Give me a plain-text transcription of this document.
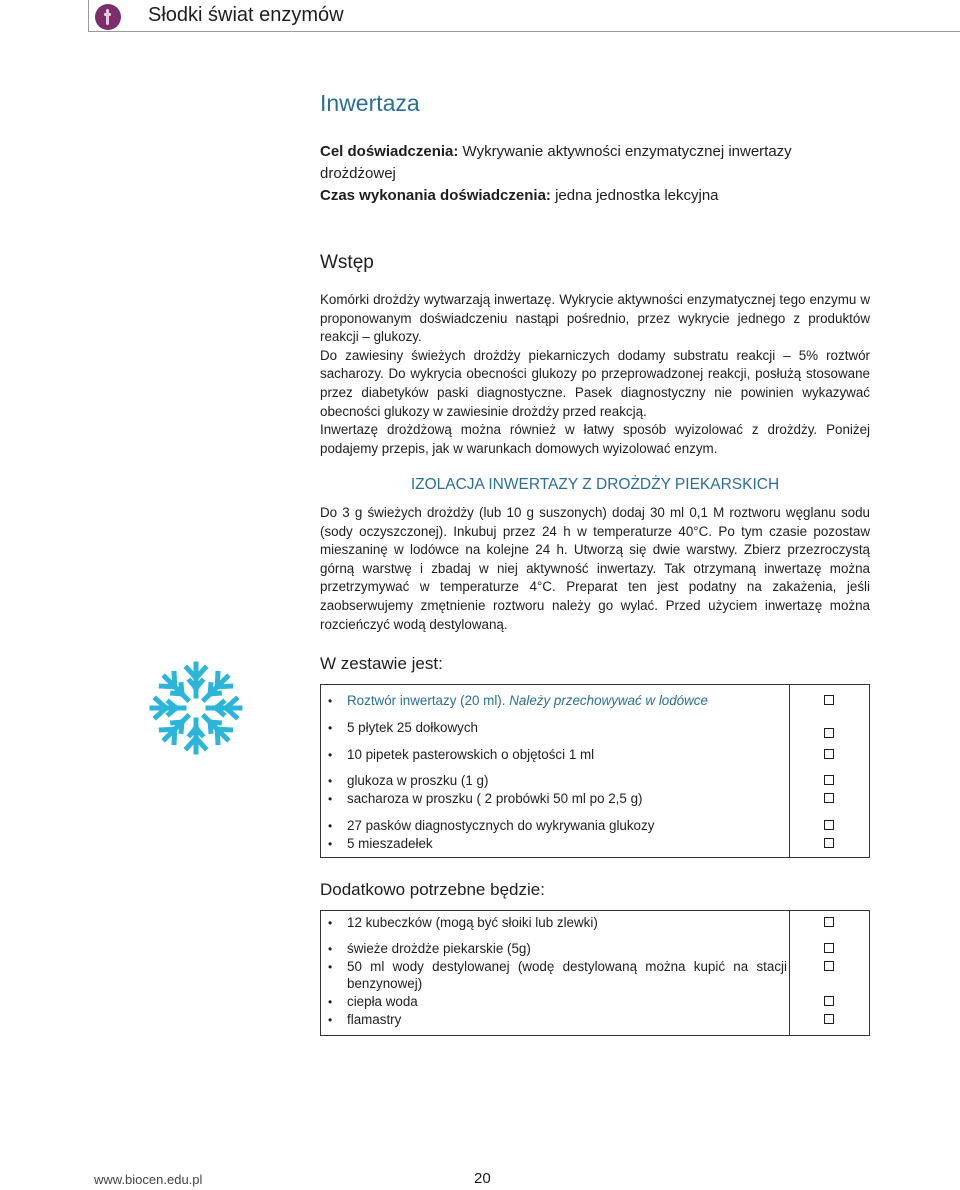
Słodki świat enzymów
Inwertaza
Cel doświadczenia: Wykrywanie aktywności enzymatycznej inwertazy drożdżowej
Czas wykonania doświadczenia: jedna jednostka lekcyjna
Wstęp

Komórki drożdży wytwarzają inwertazę. Wykrycie aktywności enzymatycznej tego enzymu w proponowanym doświadczeniu nastąpi pośrednio, przez wykrycie jednego z produktów reakcji – glukozy.

Do zawiesiny świeżych drożdży piekarniczych dodamy substratu reakcji – 5% roztwór sacharozy. Do wykrycia obecności glukozy po przeprowadzonej reakcji, posłużą stosowane przez diabetyków paski diagnostyczne. Pasek diagnostyczny nie powinien wykazywać obecności glukozy w zawiesinie drożdży przed reakcją.

Inwertazę drożdżową można również w łatwy sposób wyizolować z drożdży. Poniżej podajemy przepis, jak w warunkach domowych wyizolować enzym.

IZOLACJA INWERTAZY Z DROŻDŻY PIEKARSKICH

Do 3 g świeżych drożdży (lub 10 g suszonych) dodaj 30 ml 0,1 M roztworu węglanu sodu (sody oczyszczonej). Inkubuj przez 24 h w temperaturze 40°C. Po tym czasie pozostaw mieszaninę w lodówce na kolejne 24 h. Utworzą się dwie warstwy. Zbierz przezroczystą górną warstwę i zbadaj w niej aktywność inwertazy. Tak otrzymaną inwertazę można przetrzymywać w temperaturze 4°C. Preparat ten jest podatny na zakażenia, jeśli zaobserwujemy zmętnienie roztworu należy go wylać. Przed użyciem inwertazę można rozcieńczyć wodą destylowaną.

W zestawie jest:
• Roztwór inwertazy (20 ml). Należy przechowywać w lodówce
• 5 płytek 25 dołkowych
• 10 pipetek pasterowskich o objętości 1 ml
• glukoza w proszku (1 g)
• sacharoza w proszku ( 2 probówki 50 ml po 2,5 g)
• 27 pasków diagnostycznych do wykrywania glukozy
• 5 mieszadełek
Dodatkowo potrzebne będzie:
• 12 kubeczków (mogą być słoiki lub zlewki)
• świeże drożdże piekarskie (5g)
• 50 ml wody destylowanej (wodę destylowaną można kupić na stacji benzynowej)
• ciepła woda
• flamastry
www.biocen.edu.pl	20
